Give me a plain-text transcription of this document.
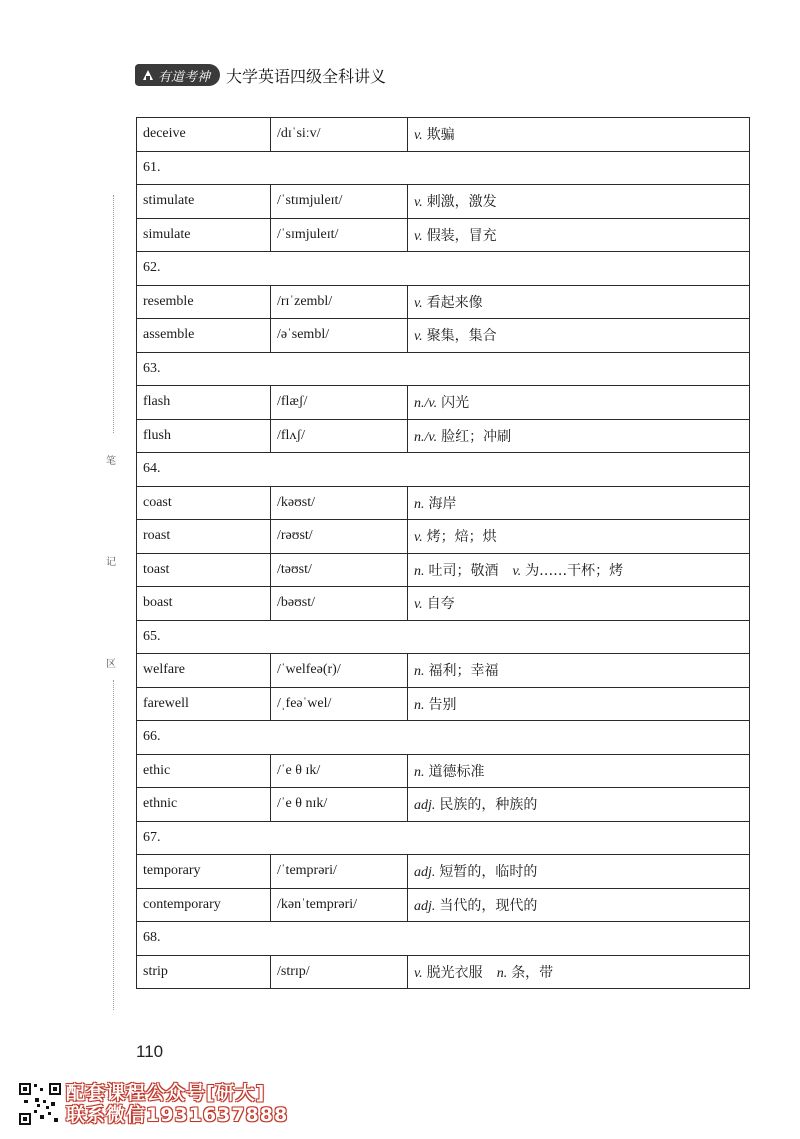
有道考神 大学英语四级全科讲义
笔
记
区
deceive	/dɪˈsiːv/	v. 欺骗
61.		
stimulate	/ˈstɪmjuleɪt/	v. 刺激，激发
simulate	/ˈsɪmjuleɪt/	v. 假装，冒充
62.		
resemble	/rɪˈzembl/	v. 看起来像
assemble	/əˈsembl/	v. 聚集，集合
63.		
flash	/flæʃ/	n./v. 闪光
flush	/flʌʃ/	n./v. 脸红；冲刷
64.		
coast	/kəʊst/	n. 海岸
roast	/rəʊst/	v. 烤；焙；烘
toast	/təʊst/	n. 吐司；敬酒 v. 为……干杯；烤
boast	/bəʊst/	v. 自夸
65.		
welfare	/ˈwelfeə(r)/	n. 福利；幸福
farewell	/ˌfeəˈwel/	n. 告别
66.		
ethic	/ˈe θ ɪk/	n. 道德标准
ethnic	/ˈe θ nɪk/	adj. 民族的，种族的
67.		
temporary	/ˈtemprəri/	adj. 短暂的，临时的
contemporary	/kənˈtemprəri/	adj. 当代的，现代的
68.		
strip	/strɪp/	v. 脱光衣服 n. 条，带
110
配套课程公众号[研大]
联系微信1931637888
